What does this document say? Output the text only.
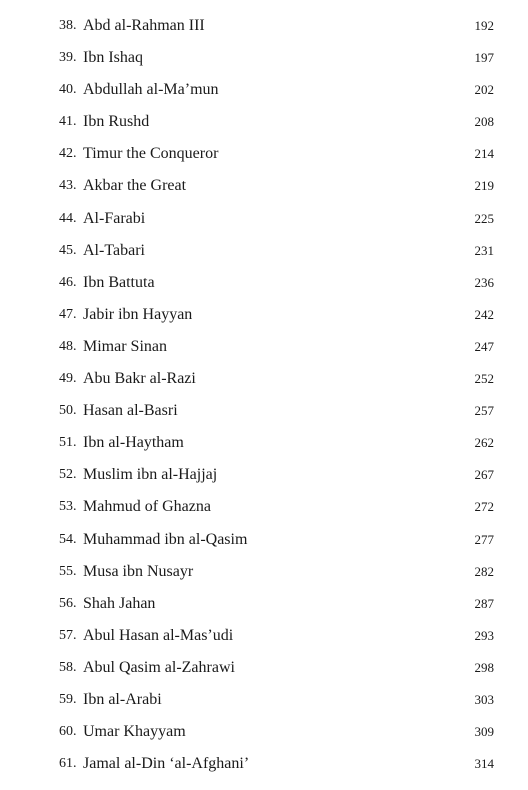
38. Abd al-Rahman III	192
39. Ibn Ishaq	197
40. Abdullah al-Ma’mun	202
41. Ibn Rushd	208
42. Timur the Conqueror	214
43. Akbar the Great	219
44. Al-Farabi	225
45. Al-Tabari	231
46. Ibn Battuta	236
47. Jabir ibn Hayyan	242
48. Mimar Sinan	247
49. Abu Bakr al-Razi	252
50. Hasan al-Basri	257
51. Ibn al-Haytham	262
52. Muslim ibn al-Hajjaj	267
53. Mahmud of Ghazna	272
54. Muhammad ibn al-Qasim	277
55. Musa ibn Nusayr	282
56. Shah Jahan	287
57. Abul Hasan al-Mas’udi	293
58. Abul Qasim al-Zahrawi	298
59. Ibn al-Arabi	303
60. Umar Khayyam	309
61. Jamal al-Din ‘al-Afghani’	314
